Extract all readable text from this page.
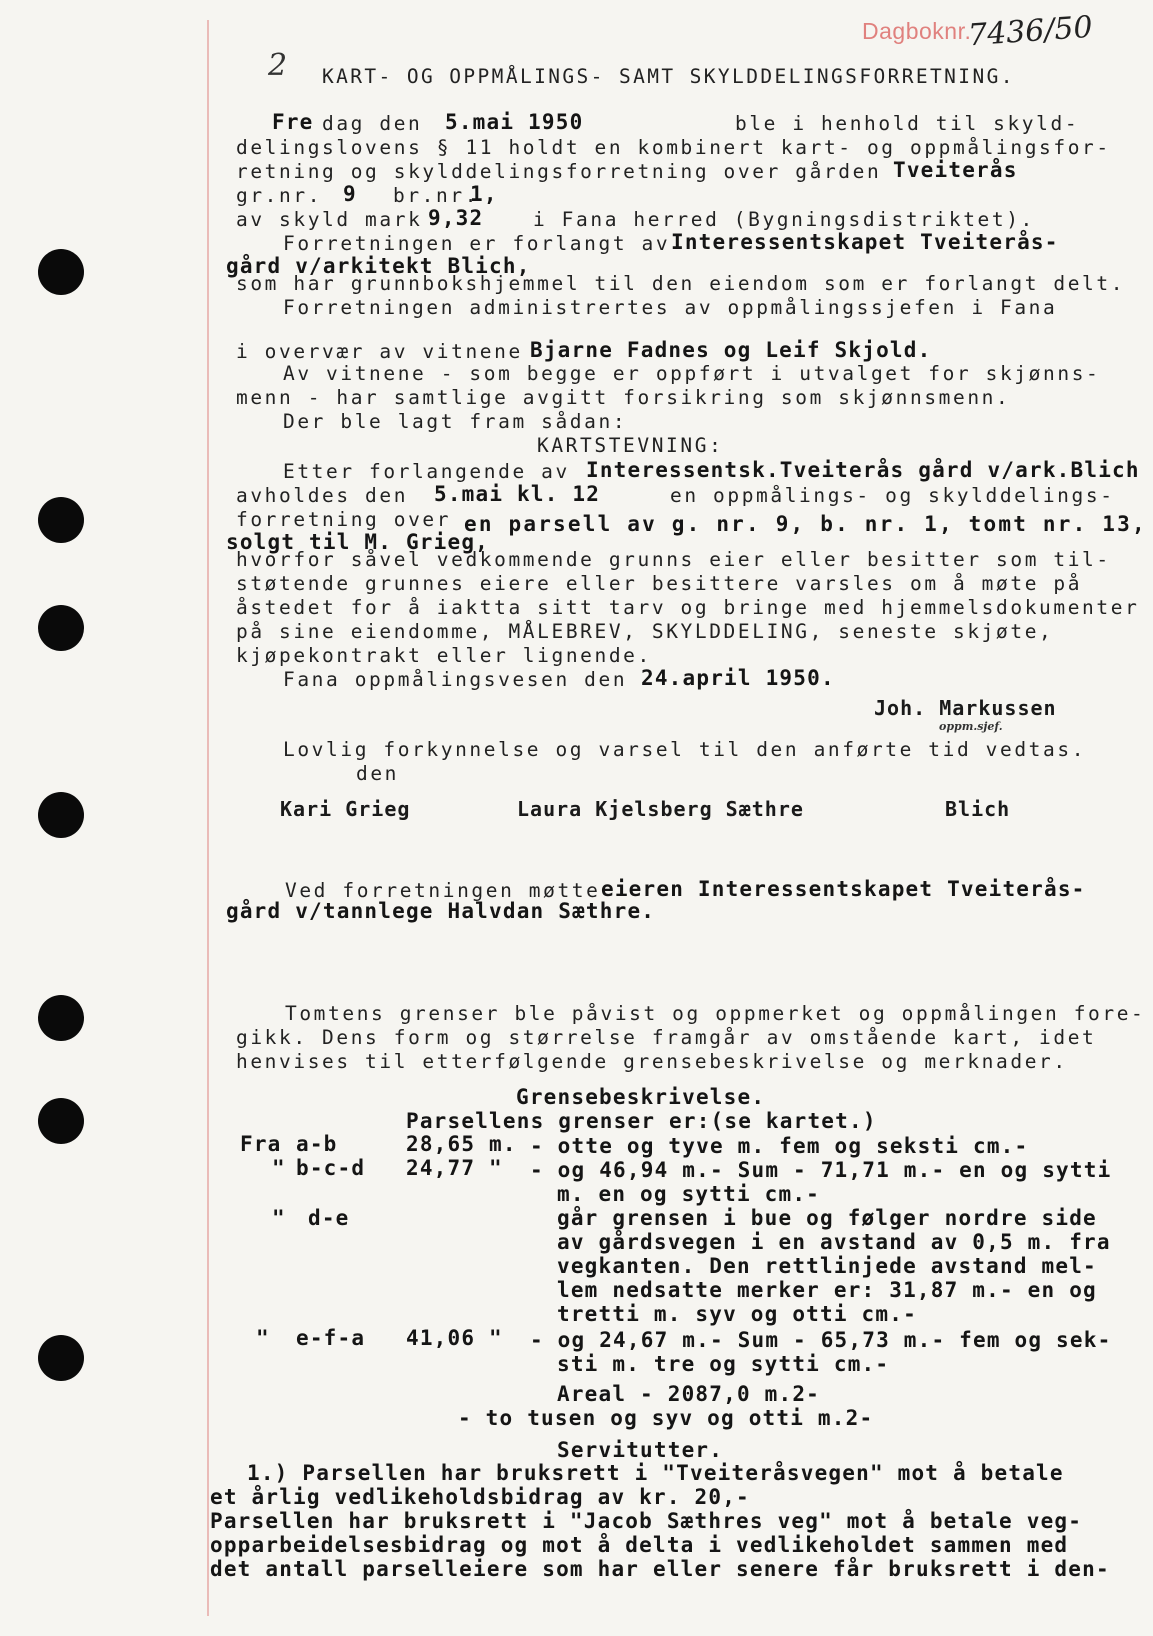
Dagboknr.
7436/50
2 KART- OG OPPMÅLINGS- SAMT SKYLDDELINGSFORRETNING.
Fre dag den 5.mai 1950	ble i henhold til skyld-
delingslovens § 11 holdt en kombinert kart- og oppmålingsfor-
retning og skylddelingsforretning over gården Tveiterås
gr.nr. 9 br.nr.
1,
av skyld mark 9,32	i Fana herred (Bygningsdistriktet).
Forretningen er forlangt av Interessentskapet Tveiterås-
gård v/arkitekt Blich,
som har grunnbokshjemmel til den eiendom som er forlangt delt.
Forretningen administrertes av oppmålingssjefen i Fana
i overvær av vitnene Bjarne Fadnes og Leif Skjold.
Av vitnene - som begge er oppført i utvalget for skjønns-
menn - har samtlige avgitt forsikring som skjønnsmenn.
Der ble lagt fram sådan:
KARTSTEVNING:
Etter forlangende av Interessentsk.Tveiterås gård v/ark.Blich
avholdes den 5.mai kl. 12	en oppmålings- og skylddelings-
forretning over en parsell av g. nr. 9, b. nr. 1, tomt nr. 13,
solgt til M. Grieg,
hvorfor såvel vedkommende grunns eier eller besitter som til-
støtende grunnes eiere eller besittere varsles om å møte på
åstedet for å iaktta sitt tarv og bringe med hjemmelsdokumenter
på sine eiendomme, MÅLEBREV, SKYLDDELING, seneste skjøte,
kjøpekontrakt eller lignende.
Fana oppmålingsvesen den 24.april 1950.
Joh. Markussen
oppm.sjef.
Lovlig forkynnelse og varsel til den anførte tid vedtas.
den
Kari Grieg	Laura Kjelsberg Sæthre	Blich
Ved forretningen møtte eieren Interessentskapet Tveiterås-
gård v/tannlege Halvdan Sæthre.
Tomtens grenser ble påvist og oppmerket og oppmålingen fore-
gikk. Dens form og størrelse framgår av omstående kart, idet
henvises til etterfølgende grensebeskrivelse og merknader.
Grensebeskrivelse.
Parsellens grenser er:(se kartet.)
Fra a-b	28,65 m. - otte og tyve m. fem og seksti cm.-
" b-c-d 24,77 " - og 46,94 m.- Sum - 71,71 m.- en og sytti
m. en og sytti cm.-
" d-e	går grensen i bue og følger nordre side
av gårdsvegen i en avstand av 0,5 m. fra
vegkanten. Den rettlinjede avstand mel-
lem nedsatte merker er: 31,87 m.- en og
tretti m. syv og otti cm.-
" e-f-a 41,06 " - og 24,67 m.- Sum - 65,73 m.- fem og sek-
sti m. tre og sytti cm.-
Areal - 2087,0 m.2-
- to tusen og syv og otti m.2-
Servitutter.
1.) Parsellen har bruksrett i "Tveiteråsvegen" mot å betale
et årlig vedlikeholdsbidrag av kr. 20,-
Parsellen har bruksrett i "Jacob Sæthres veg" mot å betale veg-
opparbeidelsesbidrag og mot å delta i vedlikeholdet sammen med
det antall parselleiere som har eller senere får bruksrett i den-
